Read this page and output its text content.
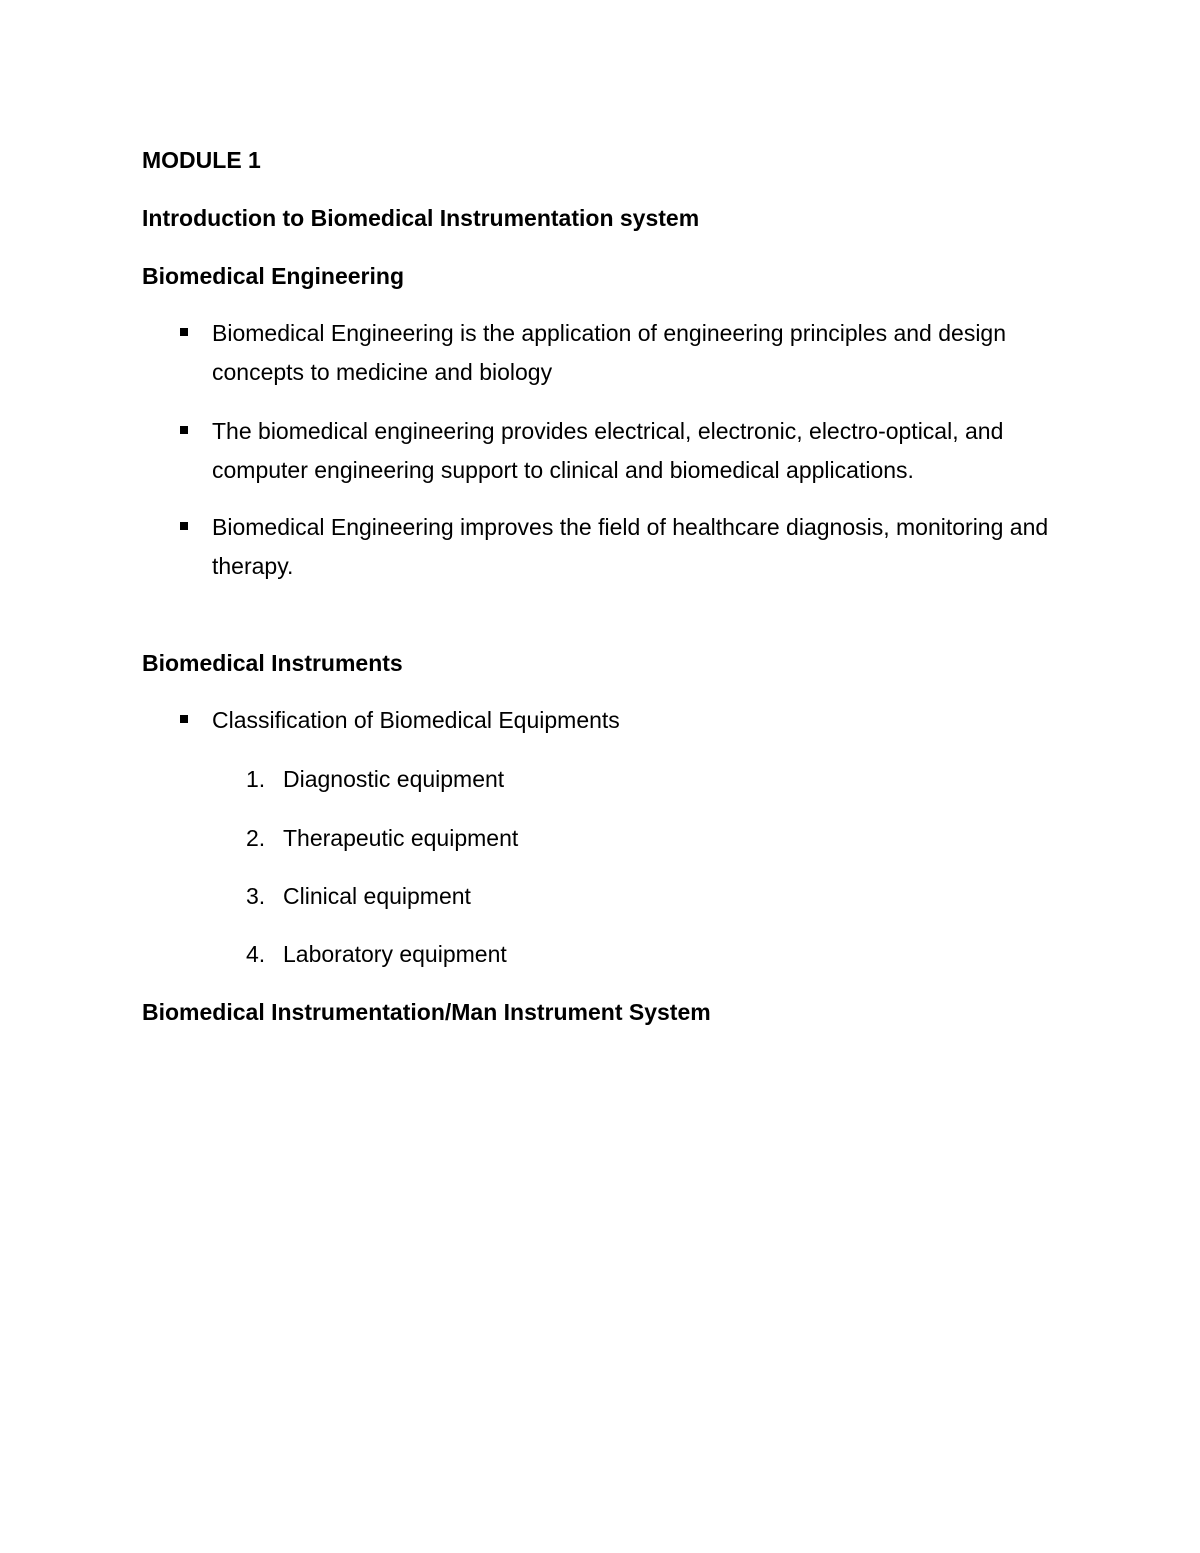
MODULE 1
Introduction to Biomedical Instrumentation system
Biomedical Engineering
Biomedical Engineering is the application of engineering principles and design concepts to medicine and biology
The biomedical engineering provides electrical, electronic, electro-optical, and computer engineering support to clinical and biomedical applications.
Biomedical Engineering improves the field of healthcare diagnosis, monitoring and therapy.
Biomedical Instruments
Classification of Biomedical Equipments
1. Diagnostic equipment
2. Therapeutic equipment
3. Clinical equipment
4. Laboratory equipment
Biomedical Instrumentation/Man Instrument System
